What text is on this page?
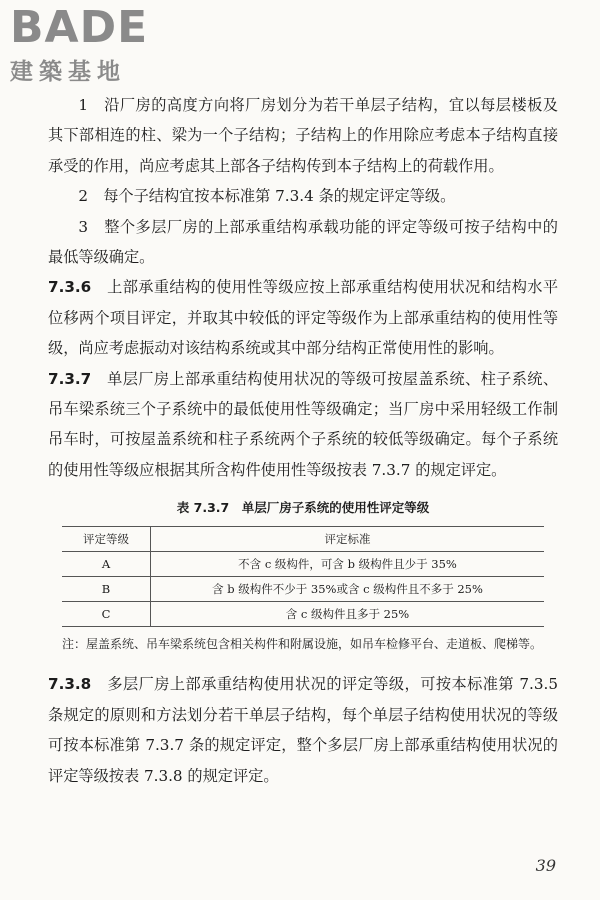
BADE
建築基地

1　沿厂房的高度方向将厂房划分为若干单层子结构，宜以每层楼板及其下部相连的柱、梁为一个子结构；子结构上的作用除应考虑本子结构直接承受的作用，尚应考虑其上部各子结构传到本子结构上的荷载作用。

2　每个子结构宜按本标准第 7.3.4 条的规定评定等级。

3　整个多层厂房的上部承重结构承载功能的评定等级可按子结构中的最低等级确定。

7.3.6　上部承重结构的使用性等级应按上部承重结构使用状况和结构水平位移两个项目评定，并取其中较低的评定等级作为上部承重结构的使用性等级，尚应考虑振动对该结构系统或其中部分结构正常使用性的影响。

7.3.7　单层厂房上部承重结构使用状况的等级可按屋盖系统、柱子系统、吊车梁系统三个子系统中的最低使用性等级确定；当厂房中采用轻级工作制吊车时，可按屋盖系统和柱子系统两个子系统的较低等级确定。每个子系统的使用性等级应根据其所含构件使用性等级按表 7.3.7 的规定评定。

表 7.3.7　单层厂房子系统的使用性评定等级
评定等级	评定标准
A	不含 c 级构件，可含 b 级构件且少于 35%
B	含 b 级构件不少于 35%或含 c 级构件且不多于 25%
C	含 c 级构件且多于 25%
注：屋盖系统、吊车梁系统包含相关构件和附属设施，如吊车检修平台、走道板、爬梯等。

7.3.8　多层厂房上部承重结构使用状况的评定等级，可按本标准第 7.3.5 条规定的原则和方法划分若干单层子结构，每个单层子结构使用状况的等级可按本标准第 7.3.7 条的规定评定，整个多层厂房上部承重结构使用状况的评定等级按表 7.3.8 的规定评定。

39
